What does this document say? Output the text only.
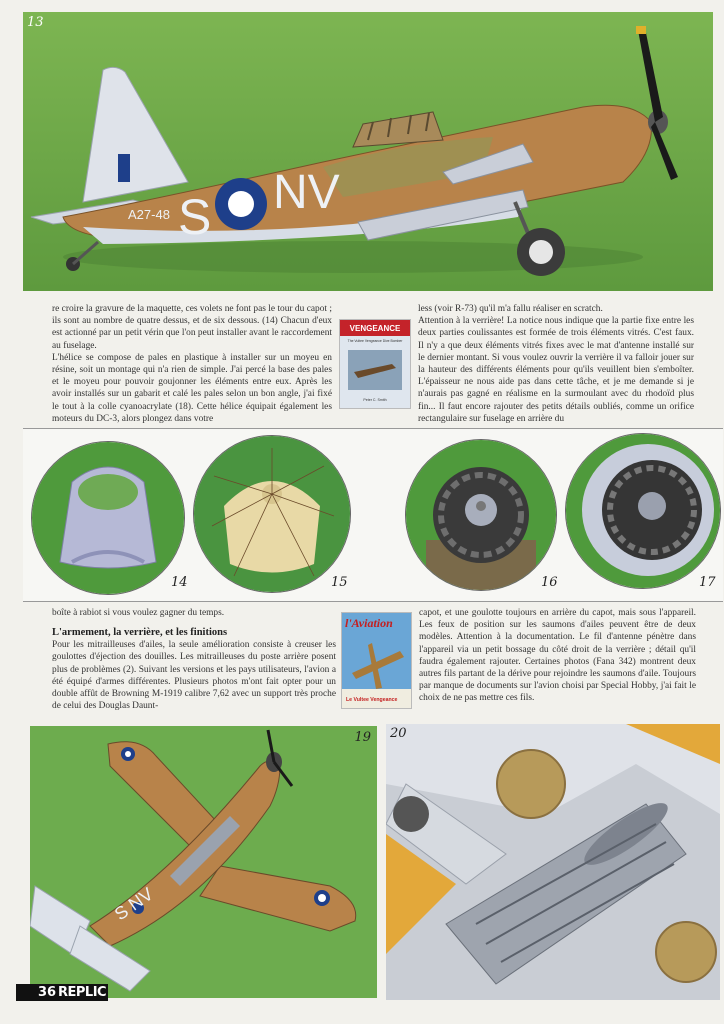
A27-48 S NV
13

re croire la gravure de la maquette, ces volets ne font pas le tour du capot ; ils sont au nombre de quatre dessus, et de six dessous. (14) Chacun d'eux est actionné par un petit vérin que l'on peut installer avant le raccordement au fuselage.

L'hélice se compose de pales en plastique à installer sur un moyeu en résine, soit un montage qui n'a rien de simple. J'ai percé la base des pales et le moyeu pour pouvoir goujonner les éléments entre eux. Après les avoir installés sur un gabarit et calé les pales selon un bon angle, j'ai fixé le tout à la colle cyanoacrylate (18). Cette hélice équipait également les moteurs du DC-3, alors plongez dans votre

VENGEANCE
The Vultee Vengeance Dive Bomber
Peter C. Smith

less (voir R-73) qu'il m'a fallu réaliser en scratch.

Attention à la verrière! La notice nous indique que la partie fixe entre les deux parties coulissantes est formée de trois éléments vitrés. C'est faux. Il n'y a que deux éléments vitrés fixes avec le mat d'antenne installé sur le dernier montant. Si vous voulez ouvrir la verrière il va falloir jouer sur la hauteur des différents éléments pour qu'ils veuillent bien s'emboîter. L'épaisseur ne nous aide pas dans cette tâche, et je me demande si je n'aurais pas gagné en réalisme en la surmoulant avec du rhodoïd plus fin... Il faut encore rajouter des petits détails oubliés, comme un orifice rectangulaire sur fuselage en arrière du

14	15	16	17

boîte à rabiot si vous voulez gagner du temps.

L'armement, la verrière, et les finitions

Pour les mitrailleuses d'ailes, la seule amélioration consiste à creuser les goulottes d'éjection des douilles. Les mitrailleuses du poste arrière posent plus de problèmes (2). Suivant les versions et les pays utilisateurs, l'avion a été équipé d'armes différentes. Plusieurs photos m'ont fait opter pour un double affût de Browning M-1919 calibre 7,62 avec un support très proche de celui des Douglas Daunt-

l'Aviation
Le Vultee Vengeance

capot, et une goulotte toujours en arrière du capot, mais sous l'appareil. Les feux de position sur les saumons d'ailes peuvent être de deux modèles. Attention à la documentation. Le fil d'antenne pénètre dans l'appareil via un petit bossage du côté droit de la verrière ; détail qu'il faudra également rajouter. Certaines photos (Fana 342) montrent deux autres fils partant de la dérive pour rejoindre les saumons d'aile. Toujours par manque de documents sur l'avion choisi par Special Hobby, j'ai fait le choix de ne pas mettre ces fils.

S NV
19 20
36 REPLIC
